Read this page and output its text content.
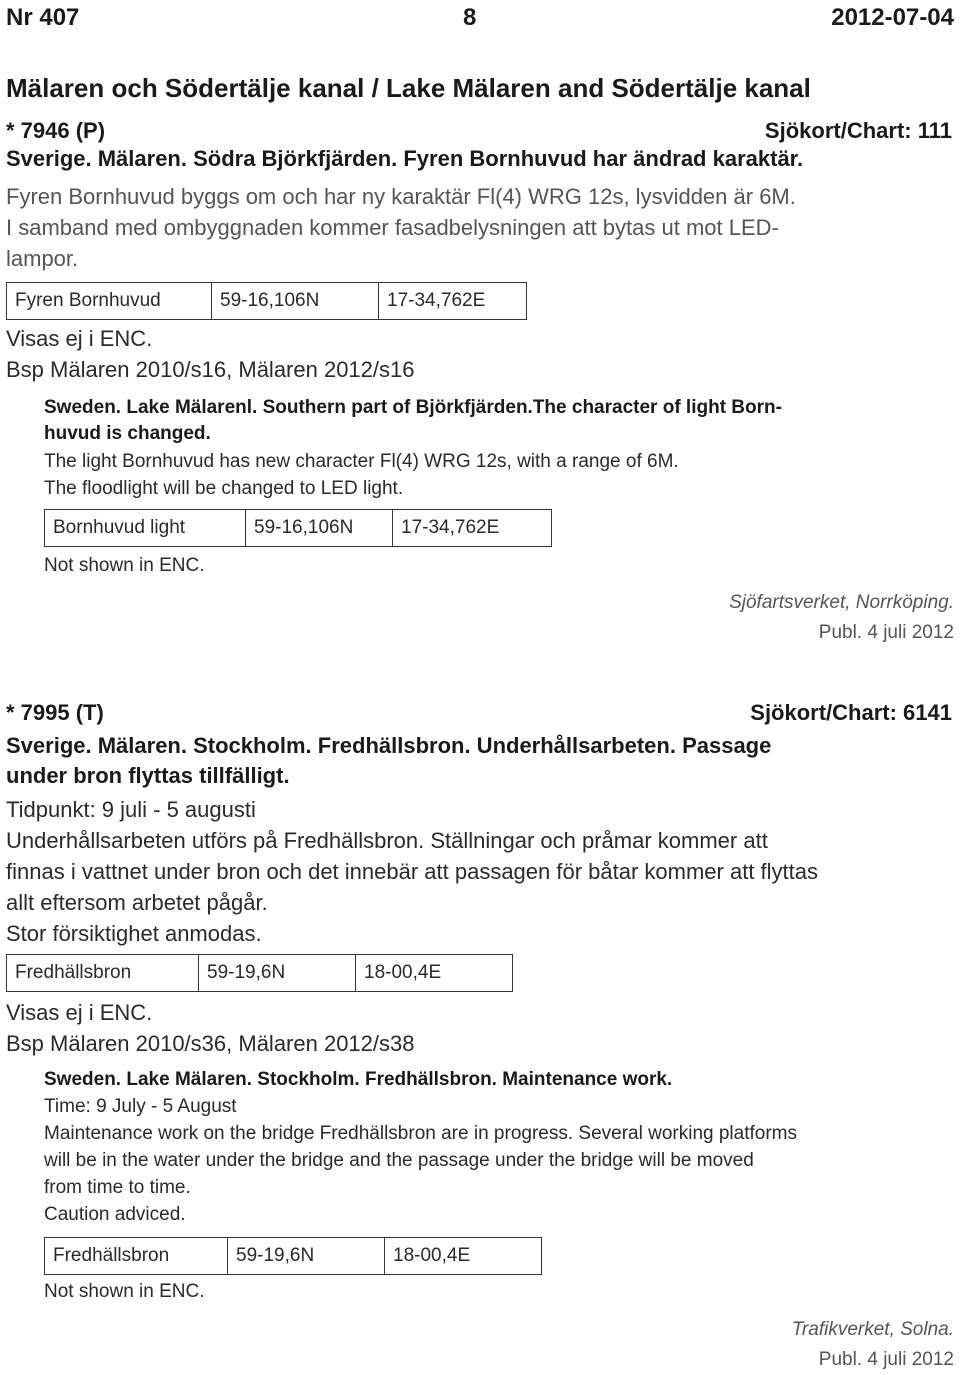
Nr 407	8	2012-07-04
Mälaren och Södertälje kanal / Lake Mälaren and Södertälje kanal
* 7946 (P)	Sjökort/Chart: 111
Sverige. Mälaren. Södra Björkfjärden. Fyren Bornhuvud har ändrad karaktär.
Fyren Bornhuvud byggs om och har ny karaktär Fl(4) WRG 12s, lysvidden är 6M.
I samband med ombyggnaden kommer fasadbelysningen att bytas ut mot LED-
lampor.
Fyren Bornhuvud	59-16,106N	17-34,762E
Visas ej i ENC.
Bsp Mälaren 2010/s16, Mälaren 2012/s16
Sweden. Lake Mälarenl. Southern part of Björkfjärden.The character of light Born-
huvud is changed.
The light Bornhuvud has new character Fl(4) WRG 12s, with a range of 6M.
The floodlight will be changed to LED light.
Bornhuvud light	59-16,106N	17-34,762E
Not shown in ENC.
Sjöfartsverket, Norrköping.
Publ. 4 juli 2012
* 7995 (T)	Sjökort/Chart: 6141
Sverige. Mälaren. Stockholm. Fredhällsbron. Underhållsarbeten. Passage
under bron flyttas tillfälligt.
Tidpunkt: 9 juli - 5 augusti
Underhållsarbeten utförs på Fredhällsbron. Ställningar och pråmar kommer att
finnas i vattnet under bron och det innebär att passagen för båtar kommer att flyttas
allt eftersom arbetet pågår.
Stor försiktighet anmodas.
Fredhällsbron	59-19,6N	18-00,4E
Visas ej i ENC.
Bsp Mälaren 2010/s36, Mälaren 2012/s38
Sweden. Lake Mälaren. Stockholm. Fredhällsbron. Maintenance work.
Time: 9 July - 5 August
Maintenance work on the bridge Fredhällsbron are in progress. Several working platforms
will be in the water under the bridge and the passage under the bridge will be moved
from time to time.
Caution adviced.
Fredhällsbron	59-19,6N	18-00,4E
Not shown in ENC.
Trafikverket, Solna.
Publ. 4 juli 2012
